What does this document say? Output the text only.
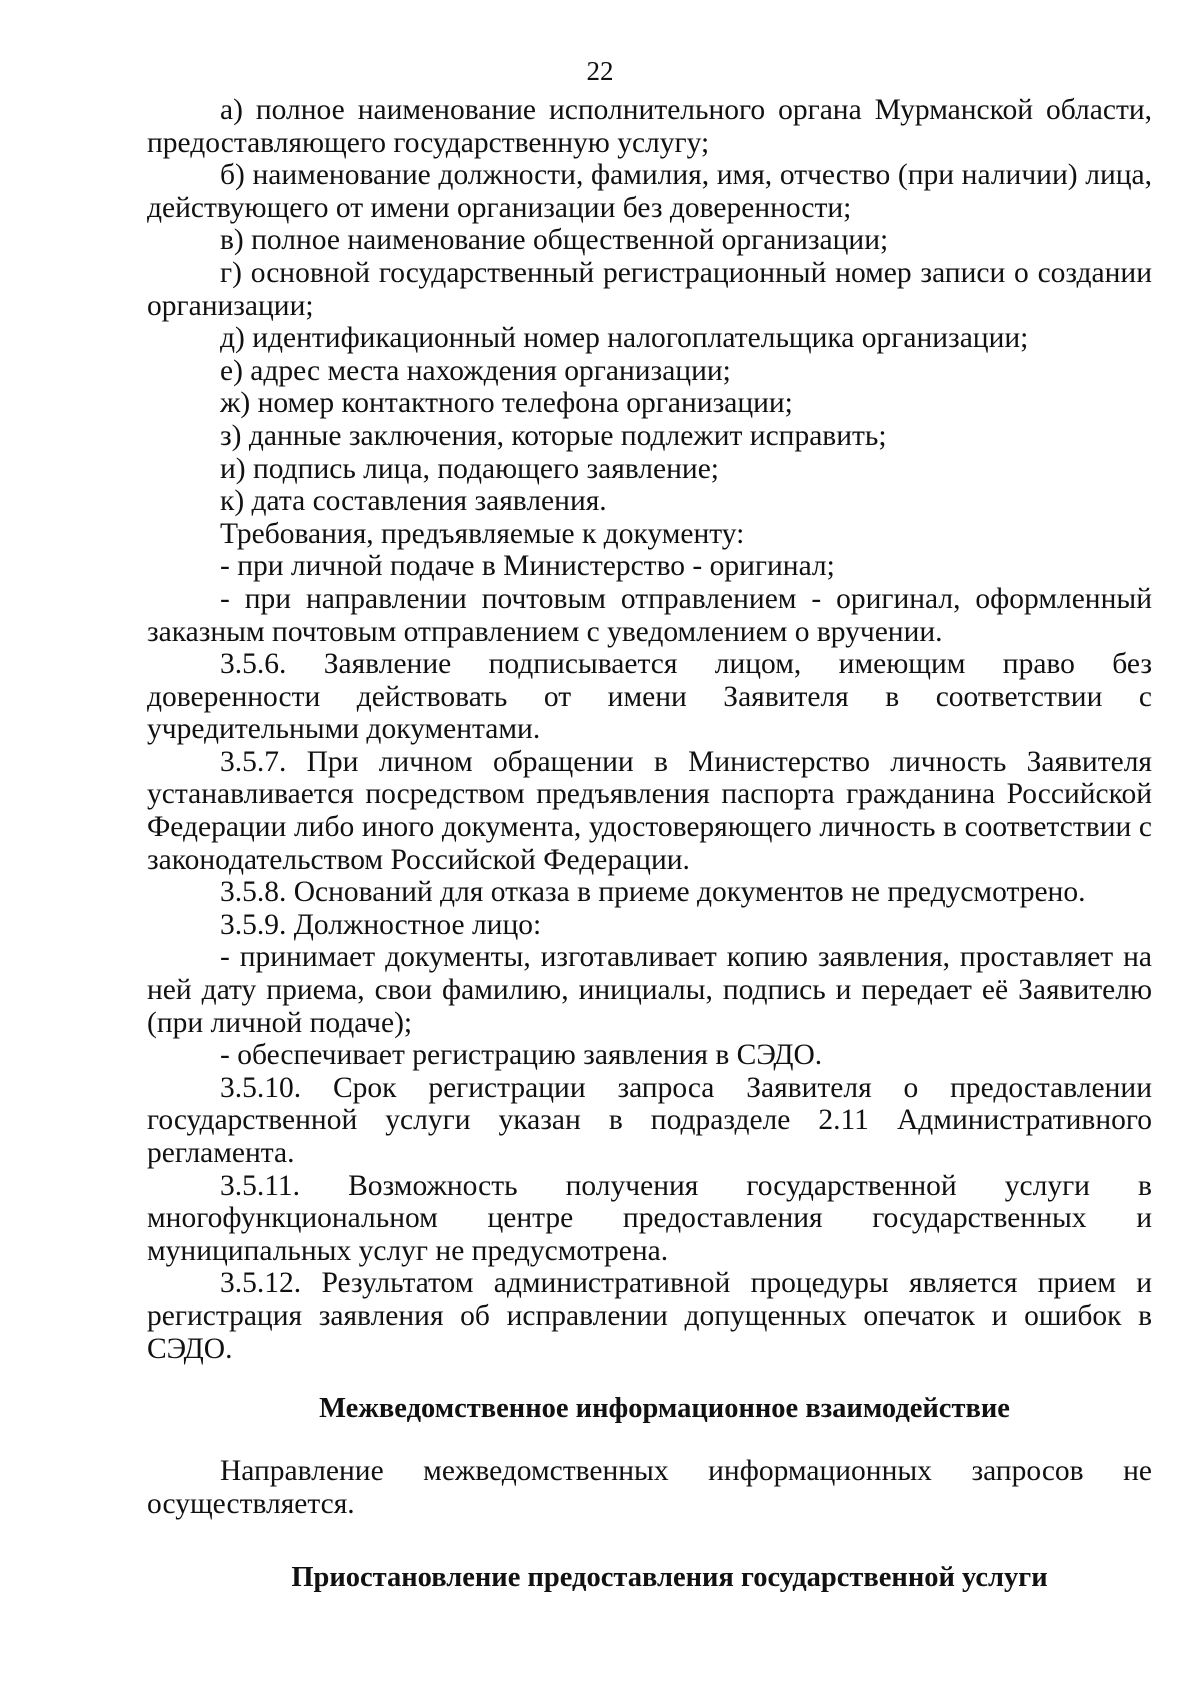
22

а) полное наименование исполнительного органа Мурманской области, предоставляющего государственную услугу;

б) наименование должности, фамилия, имя, отчество (при наличии) лица, действующего от имени организации без доверенности;

в) полное наименование общественной организации;

г) основной государственный регистрационный номер записи о создании организации;

д) идентификационный номер налогоплательщика организации;

е) адрес места нахождения организации;

ж) номер контактного телефона организации;

з) данные заключения, которые подлежит исправить;

и) подпись лица, подающего заявление;

к) дата составления заявления.

Требования, предъявляемые к документу:

- при личной подаче в Министерство - оригинал;

- при направлении почтовым отправлением - оригинал, оформленный заказным почтовым отправлением с уведомлением о вручении.

3.5.6. Заявление подписывается лицом, имеющим право без доверенности действовать от имени Заявителя в соответствии с учредительными документами.

3.5.7. При личном обращении в Министерство личность Заявителя устанавливается посредством предъявления паспорта гражданина Российской Федерации либо иного документа, удостоверяющего личность в соответствии с законодательством Российской Федерации.

3.5.8. Оснований для отказа в приеме документов не предусмотрено.

3.5.9. Должностное лицо:

- принимает документы, изготавливает копию заявления, проставляет на ней дату приема, свои фамилию, инициалы, подпись и передает её Заявителю (при личной подаче);

- обеспечивает регистрацию заявления в СЭДО.

3.5.10. Срок регистрации запроса Заявителя о предоставлении государственной услуги указан в подразделе 2.11 Административного регламента.

3.5.11. Возможность получения государственной услуги в многофункциональном центре предоставления государственных и муниципальных услуг не предусмотрена.

3.5.12. Результатом административной процедуры является прием и регистрация заявления об исправлении допущенных опечаток и ошибок в СЭДО.

Межведомственное информационное взаимодействие

Направление межведомственных информационных запросов не осуществляется.

Приостановление предоставления государственной услуги
